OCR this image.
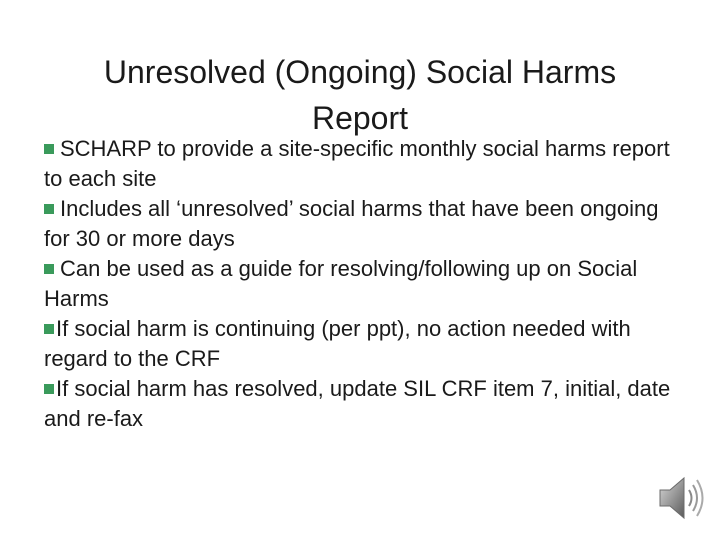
Unresolved (Ongoing) Social Harms
Report
SCHARP to provide a site-specific monthly social harms report to each site
Includes all ‘unresolved’ social harms that have been ongoing for 30 or more days
Can be used as a guide for resolving/following up on Social Harms
If social harm is continuing (per ppt), no action needed with regard to the CRF
If social harm has resolved, update SIL CRF item 7, initial, date and re-fax
